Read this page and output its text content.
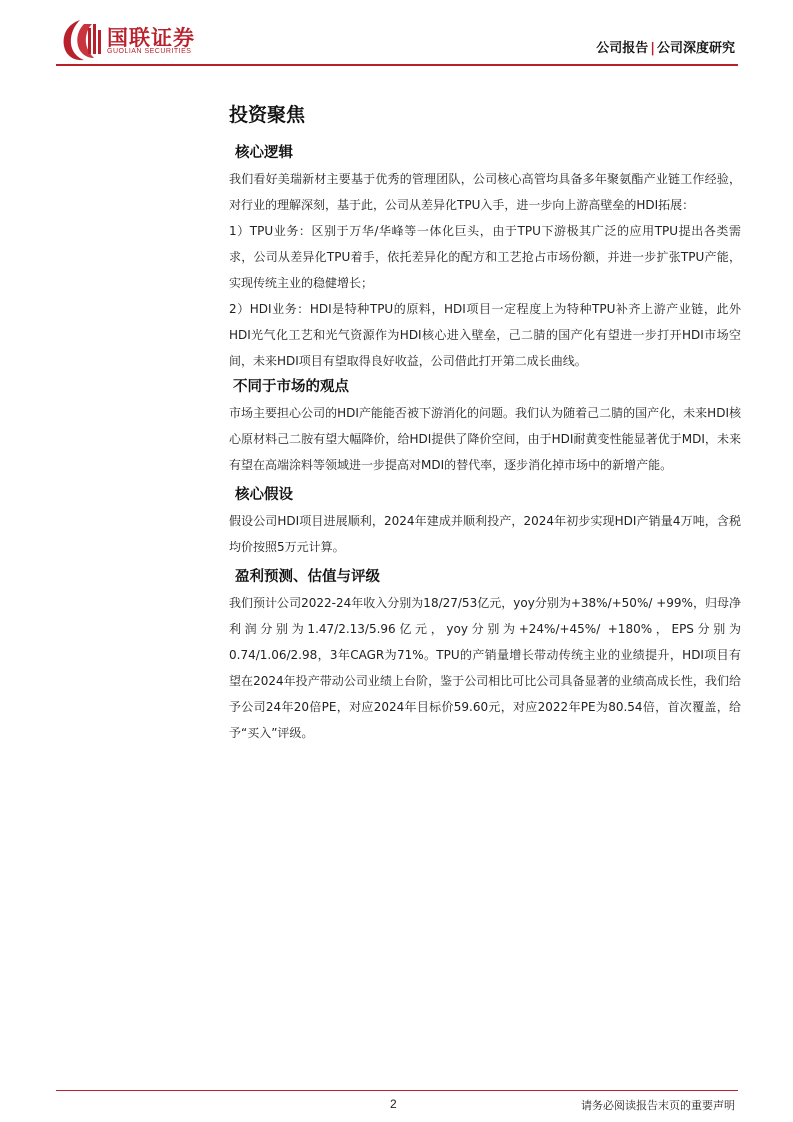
国联证券
GUOLIAN SECURITIES	公司报告 | 公司深度研究
投资聚焦
核心逻辑

我们看好美瑞新材主要基于优秀的管理团队，公司核心高管均具备多年聚氨酯产业链工作经验，对行业的理解深刻，基于此，公司从差异化TPU入手，进一步向上游高壁垒的HDI拓展：

1）TPU业务：区别于万华/华峰等一体化巨头，由于TPU下游极其广泛的应用TPU提出各类需求，公司从差异化TPU着手，依托差异化的配方和工艺抢占市场份额，并进一步扩张TPU产能，实现传统主业的稳健增长；

2）HDI业务：HDI是特种TPU的原料，HDI项目一定程度上为特种TPU补齐上游产业链，此外HDI光气化工艺和光气资源作为HDI核心进入壁垒，己二腈的国产化有望进一步打开HDI市场空间，未来HDI项目有望取得良好收益，公司借此打开第二成长曲线。

不同于市场的观点

市场主要担心公司的HDI产能能否被下游消化的问题。我们认为随着己二腈的国产化，未来HDI核心原材料己二胺有望大幅降价，给HDI提供了降价空间，由于HDI耐黄变性能显著优于MDI，未来有望在高端涂料等领域进一步提高对MDI的替代率，逐步消化掉市场中的新增产能。

核心假设

假设公司HDI项目进展顺利，2024年建成并顺利投产，2024年初步实现HDI产销量4万吨，含税均价按照5万元计算。

盈利预测、估值与评级

我们预计公司2022-24年收入分别为18/27/53亿元，yoy分别为+38%/+50%/ +99%，归母净利润分别为1.47/2.13/5.96亿元，yoy分别为+24%/+45%/ +180%，EPS分别为0.74/1.06/2.98，3年CAGR为71%。TPU的产销量增长带动传统主业的业绩提升，HDI项目有望在2024年投产带动公司业绩上台阶，鉴于公司相比可比公司具备显著的业绩高成长性，我们给予公司24年20倍PE，对应2024年目标价59.60元，对应2022年PE为80.54倍，首次覆盖，给予“买入”评级。

2	请务必阅读报告末页的重要声明
